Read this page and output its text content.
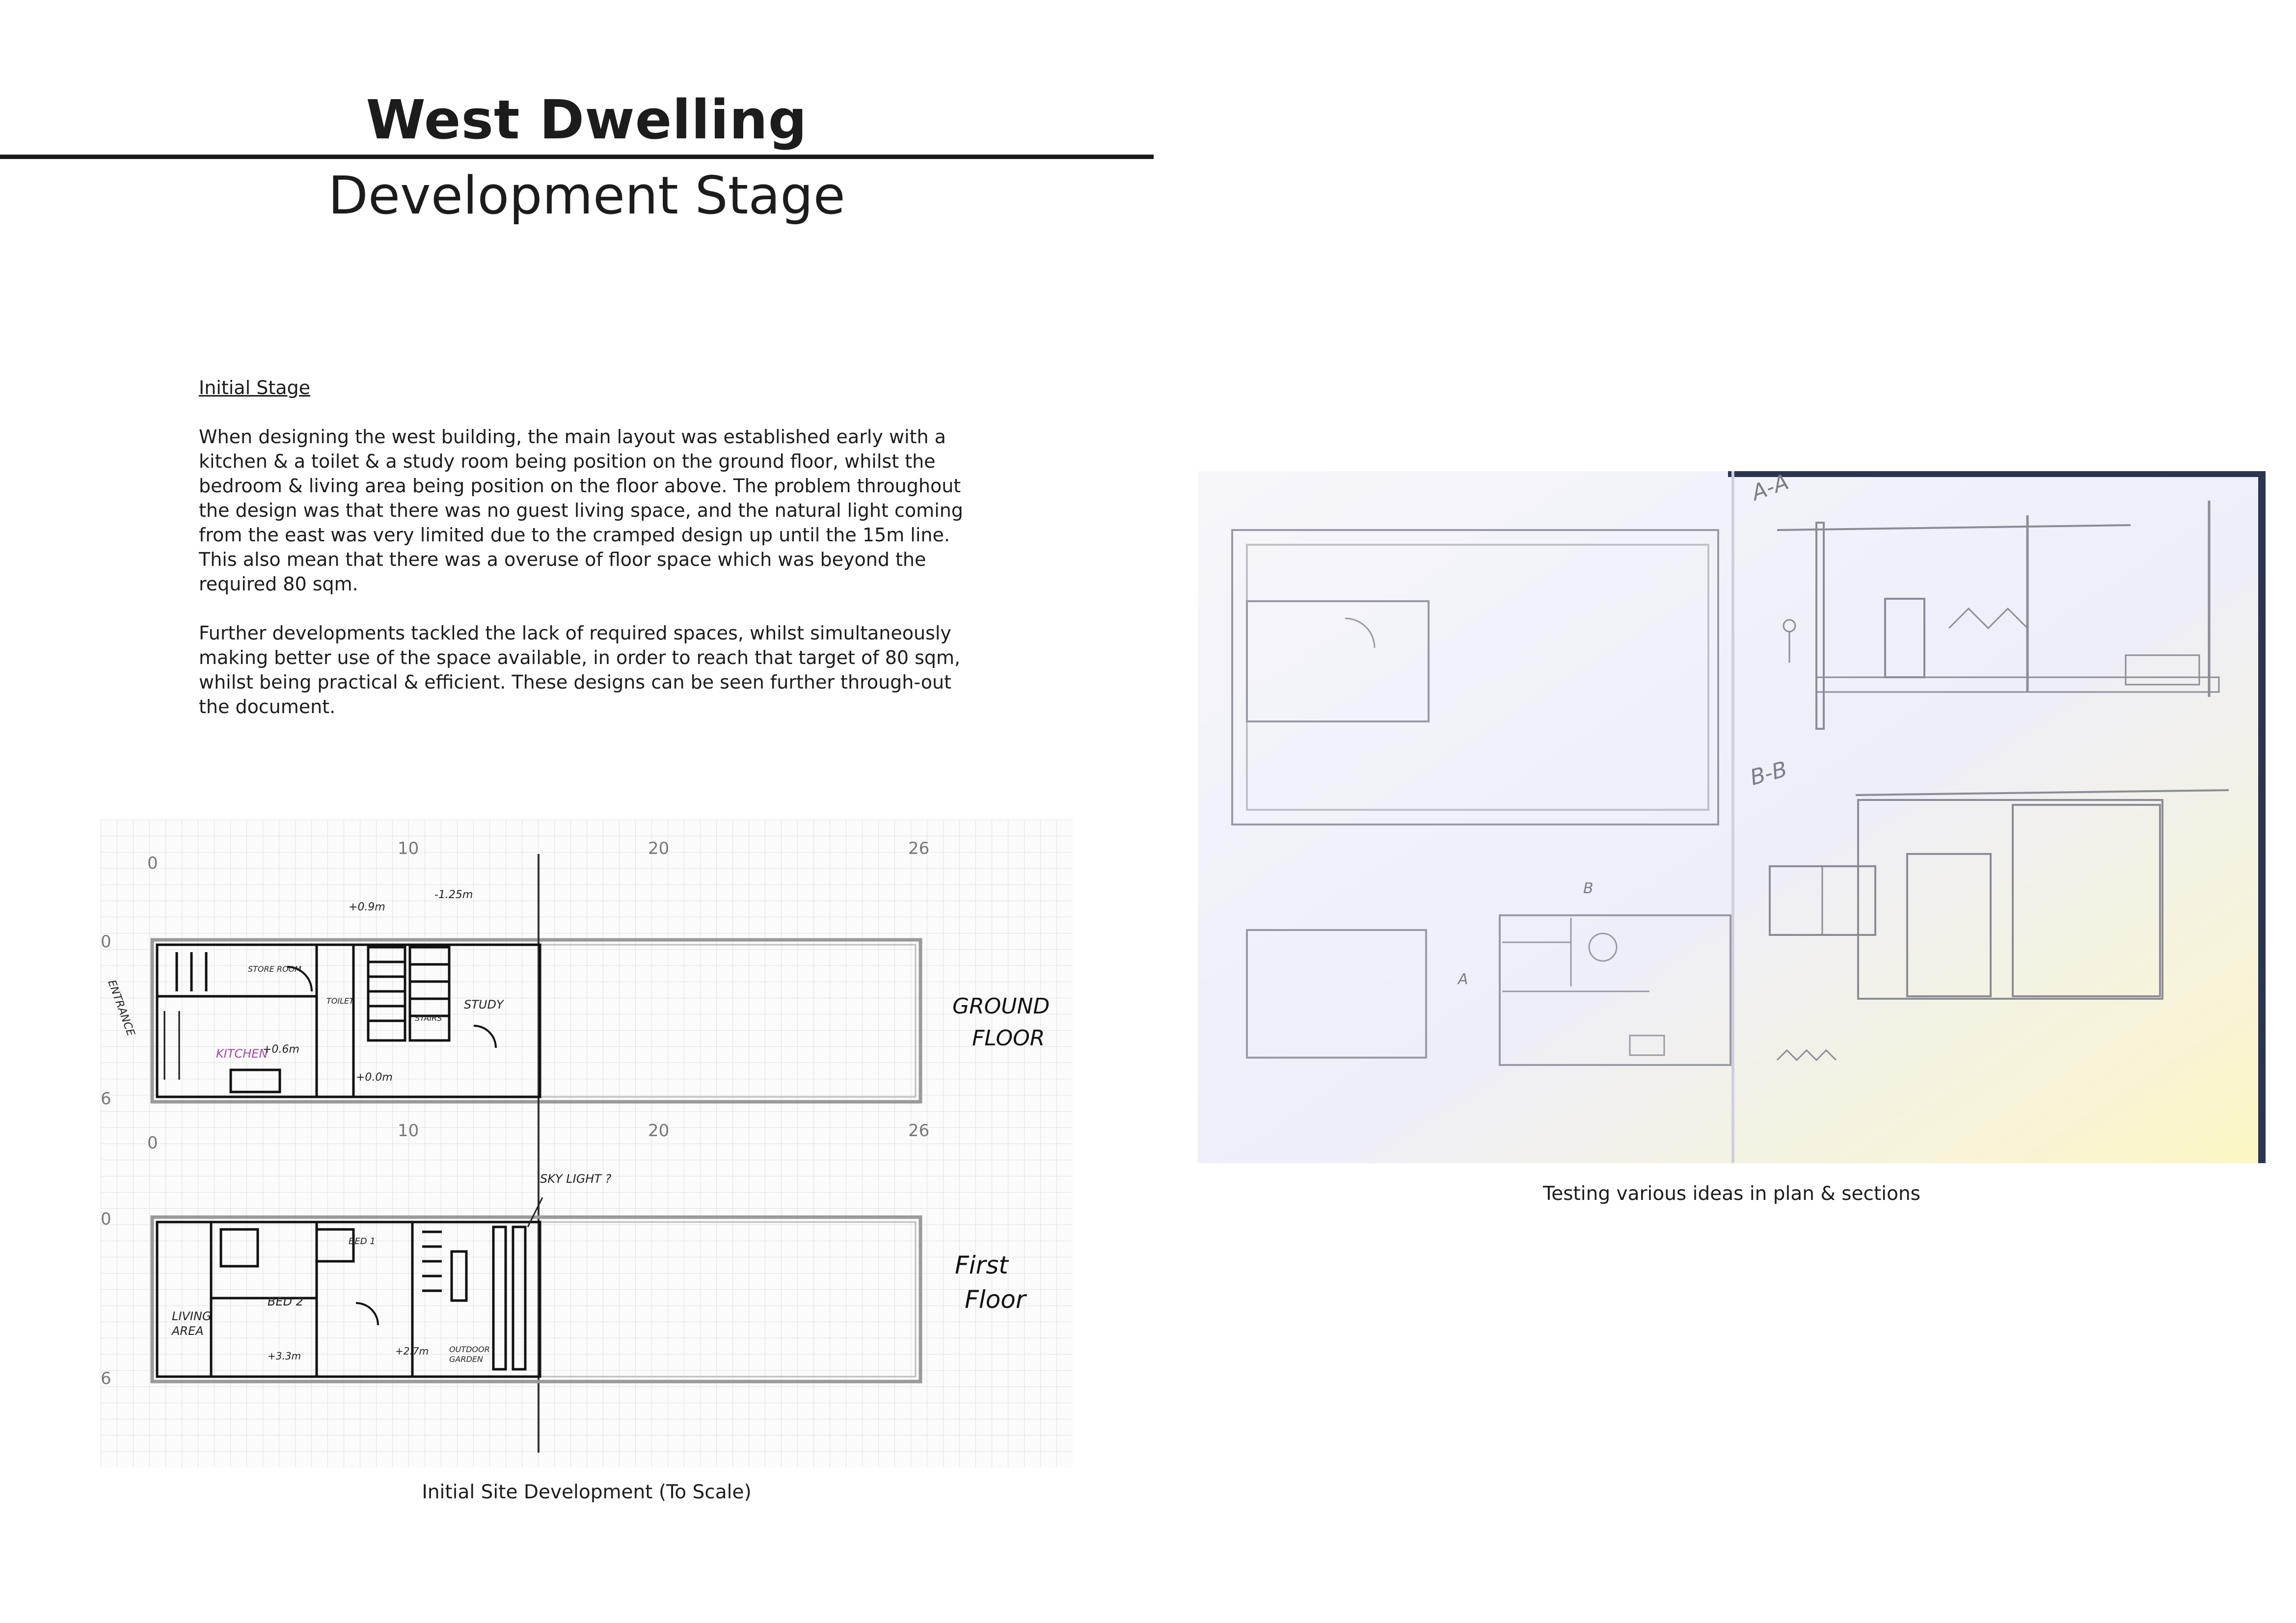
West Dwelling
Development Stage

Initial Stage

When designing the west building, the main layout was established early with a kitchen & a toilet & a study room being position on the ground floor, whilst the bedroom & living area being position on the floor above. The problem throughout the design was that there was no guest living space, and the natural light coming from the east was very limited due to the cramped design up until the 15m line. This also mean that there was a overuse of floor space which was beyond the required 80 sqm.

Further developments tackled the lack of required spaces, whilst simultaneously making better use of the space available, in order to reach that target of 80 sqm, whilst being practical & efficient. These designs can be seen further through-out the document.

0
10	20	26
0
6
+0.9m
-1.25m
ENTRANCE	TOILET
STORE ROOM
STUDY
KITCHEN
+0.6m
+0.0m
STAIRS	GROUND
FLOOR
0
10	20	26
0
6
SKY LIGHT ?
BED 1
BED 2
LIVING
AREA
+3.3m	+2.7m	OUTDOOR
GARDEN
First
Floor

Initial Site Development (To Scale)

B
A
A-A
B-B

Testing various ideas in plan & sections
